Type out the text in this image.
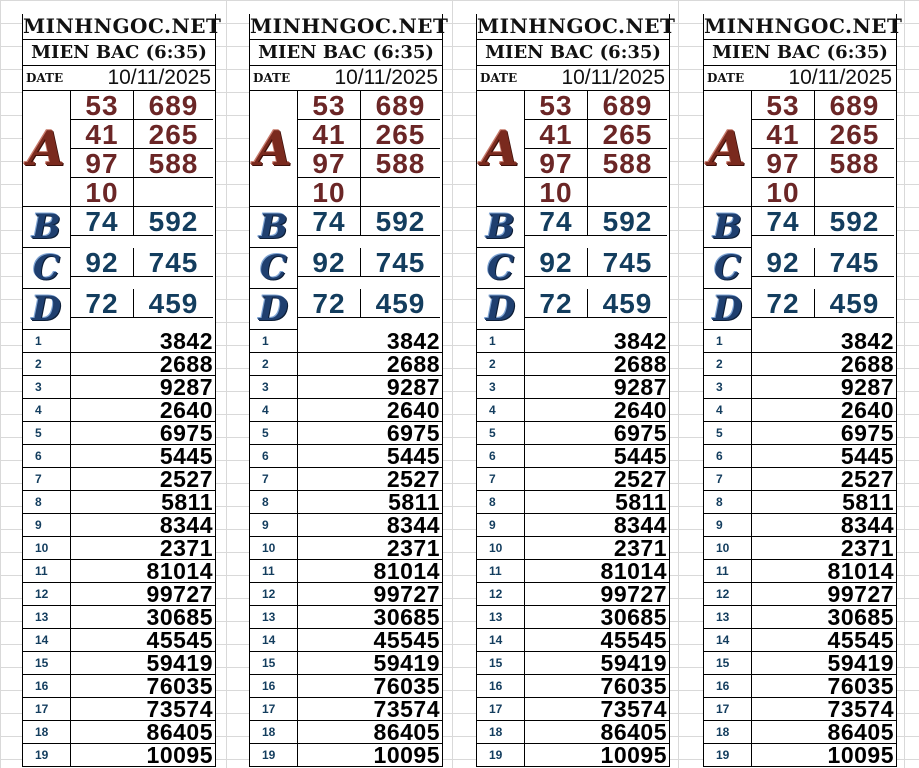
MINHNGOC.NET
MIEN BAC (6:35)
DATE	10/11/2025
A
53	689
41	265
97	588
10
B 74	592
C 92	745
D 72	459
1	3842
2	2688
3	9287
4	2640
5	6975
6	5445
7	2527
8	5811
9	8344
10	2371
11	81014
12	99727
13	30685
14	45545
15	59419
16	76035
17	73574
18	86405
19	10095
MINHNGOC.NET
MIEN BAC (6:35)
DATE	10/11/2025
A
53	689
41	265
97	588
10
B 74	592
C 92	745
D 72	459
1	3842
2	2688
3	9287
4	2640
5	6975
6	5445
7	2527
8	5811
9	8344
10	2371
11	81014
12	99727
13	30685
14	45545
15	59419
16	76035
17	73574
18	86405
19	10095
MINHNGOC.NET
MIEN BAC (6:35)
DATE	10/11/2025
A
53	689
41	265
97	588
10
B 74	592
C 92	745
D 72	459
1	3842
2	2688
3	9287
4	2640
5	6975
6	5445
7	2527
8	5811
9	8344
10	2371
11	81014
12	99727
13	30685
14	45545
15	59419
16	76035
17	73574
18	86405
19	10095
MINHNGOC.NET
MIEN BAC (6:35)
DATE	10/11/2025
A
53	689
41	265
97	588
10
B 74	592
C 92	745
D 72	459
1	3842
2	2688
3	9287
4	2640
5	6975
6	5445
7	2527
8	5811
9	8344
10	2371
11	81014
12	99727
13	30685
14	45545
15	59419
16	76035
17	73574
18	86405
19	10095
